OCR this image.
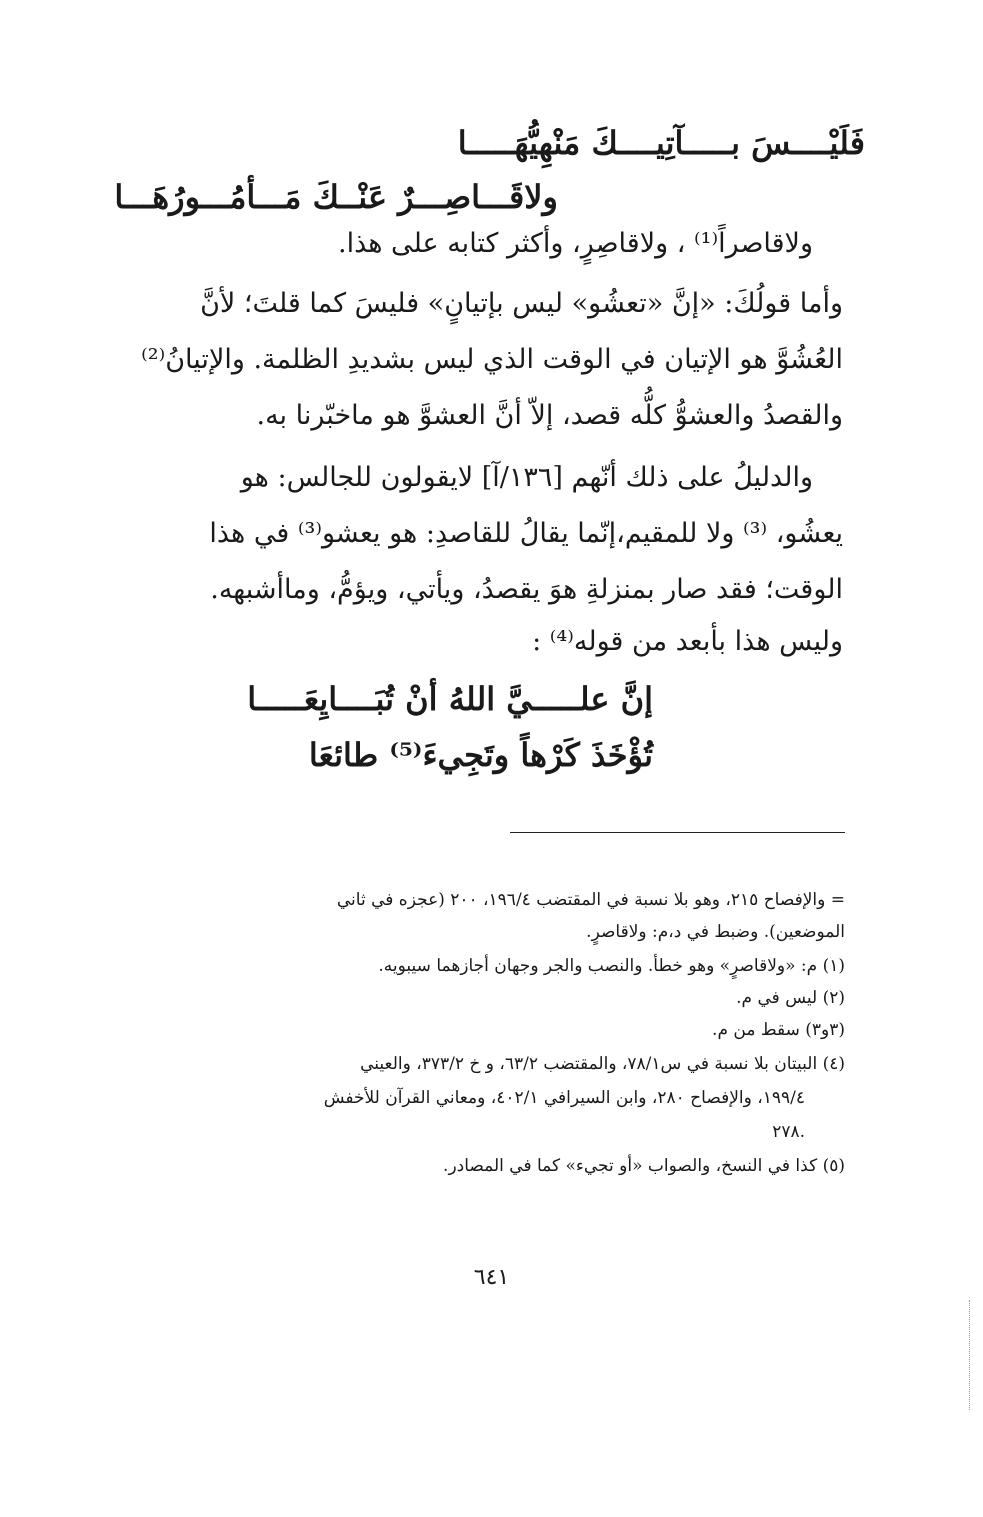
فَلَيْــــسَ بـــــآتِيــــكَ مَنْهِيُّهَـــــا
ولاقَـــاصِـــرٌ عَنْــكَ مَـــأمُـــورُهَـــا
ولاقاصراً⁽¹⁾ ، ولاقاصِرٍ، وأكثر كتابه على هذا.
وأما قولُكَ: «إنَّ «تعشُو» ليس بإتيانٍ» فليسَ كما قلتَ؛ لأنَّ
العُشُوَّ هو الإتيان في الوقت الذي ليس بشديدِ الظلمة. والإتيانُ⁽²⁾
والقصدُ والعشوُّ كلُّه قصد، إلاّ أنَّ العشوَّ هو ماخبّرنا به.
والدليلُ على ذلك أنّهم [١٣٦/آ] لايقولون للجالس: هو
يعشُو، ⁽³⁾ ولا للمقيم،إنّما يقالُ للقاصدِ: هو يعشو⁽³⁾ في هذا
الوقت؛ فقد صار بمنزلةِ هوَ يقصدُ، ويأتي، ويؤمُّ، وماأشبهه.
وليس هذا بأبعد من قوله⁽⁴⁾ :
إنَّ علـــــيَّ اللهُ أنْ تُبَــــايِعَـــــا
تُؤْخَذَ كَرْهاً وتَجِيءَ⁽⁵⁾ طائعَا
= والإفصاح ٢١٥، وهو بلا نسبة في المقتضب ١٩٦/٤، ٢٠٠ (عجزه في ثاني
الموضعين). وضبط في د،م: ولاقاصرٍ.
(١) م: «ولاقاصرٍ» وهو خطأ. والنصب والجر وجهان أجازهما سيبويه.
(٢) ليس في م.
(٣و٣) سقط من م.
(٤) البيتان بلا نسبة في س٧٨/١، والمقتضب ٦٣/٢، و خ ٣٧٣/٢، والعيني
١٩٩/٤، والإفصاح ٢٨٠، وابن السيرافي ٤٠٢/١، ومعاني القرآن للأخفش
.٢٧٨
(٥) كذا في النسخ، والصواب «أو تجيء» كما في المصادر.
٦٤١
